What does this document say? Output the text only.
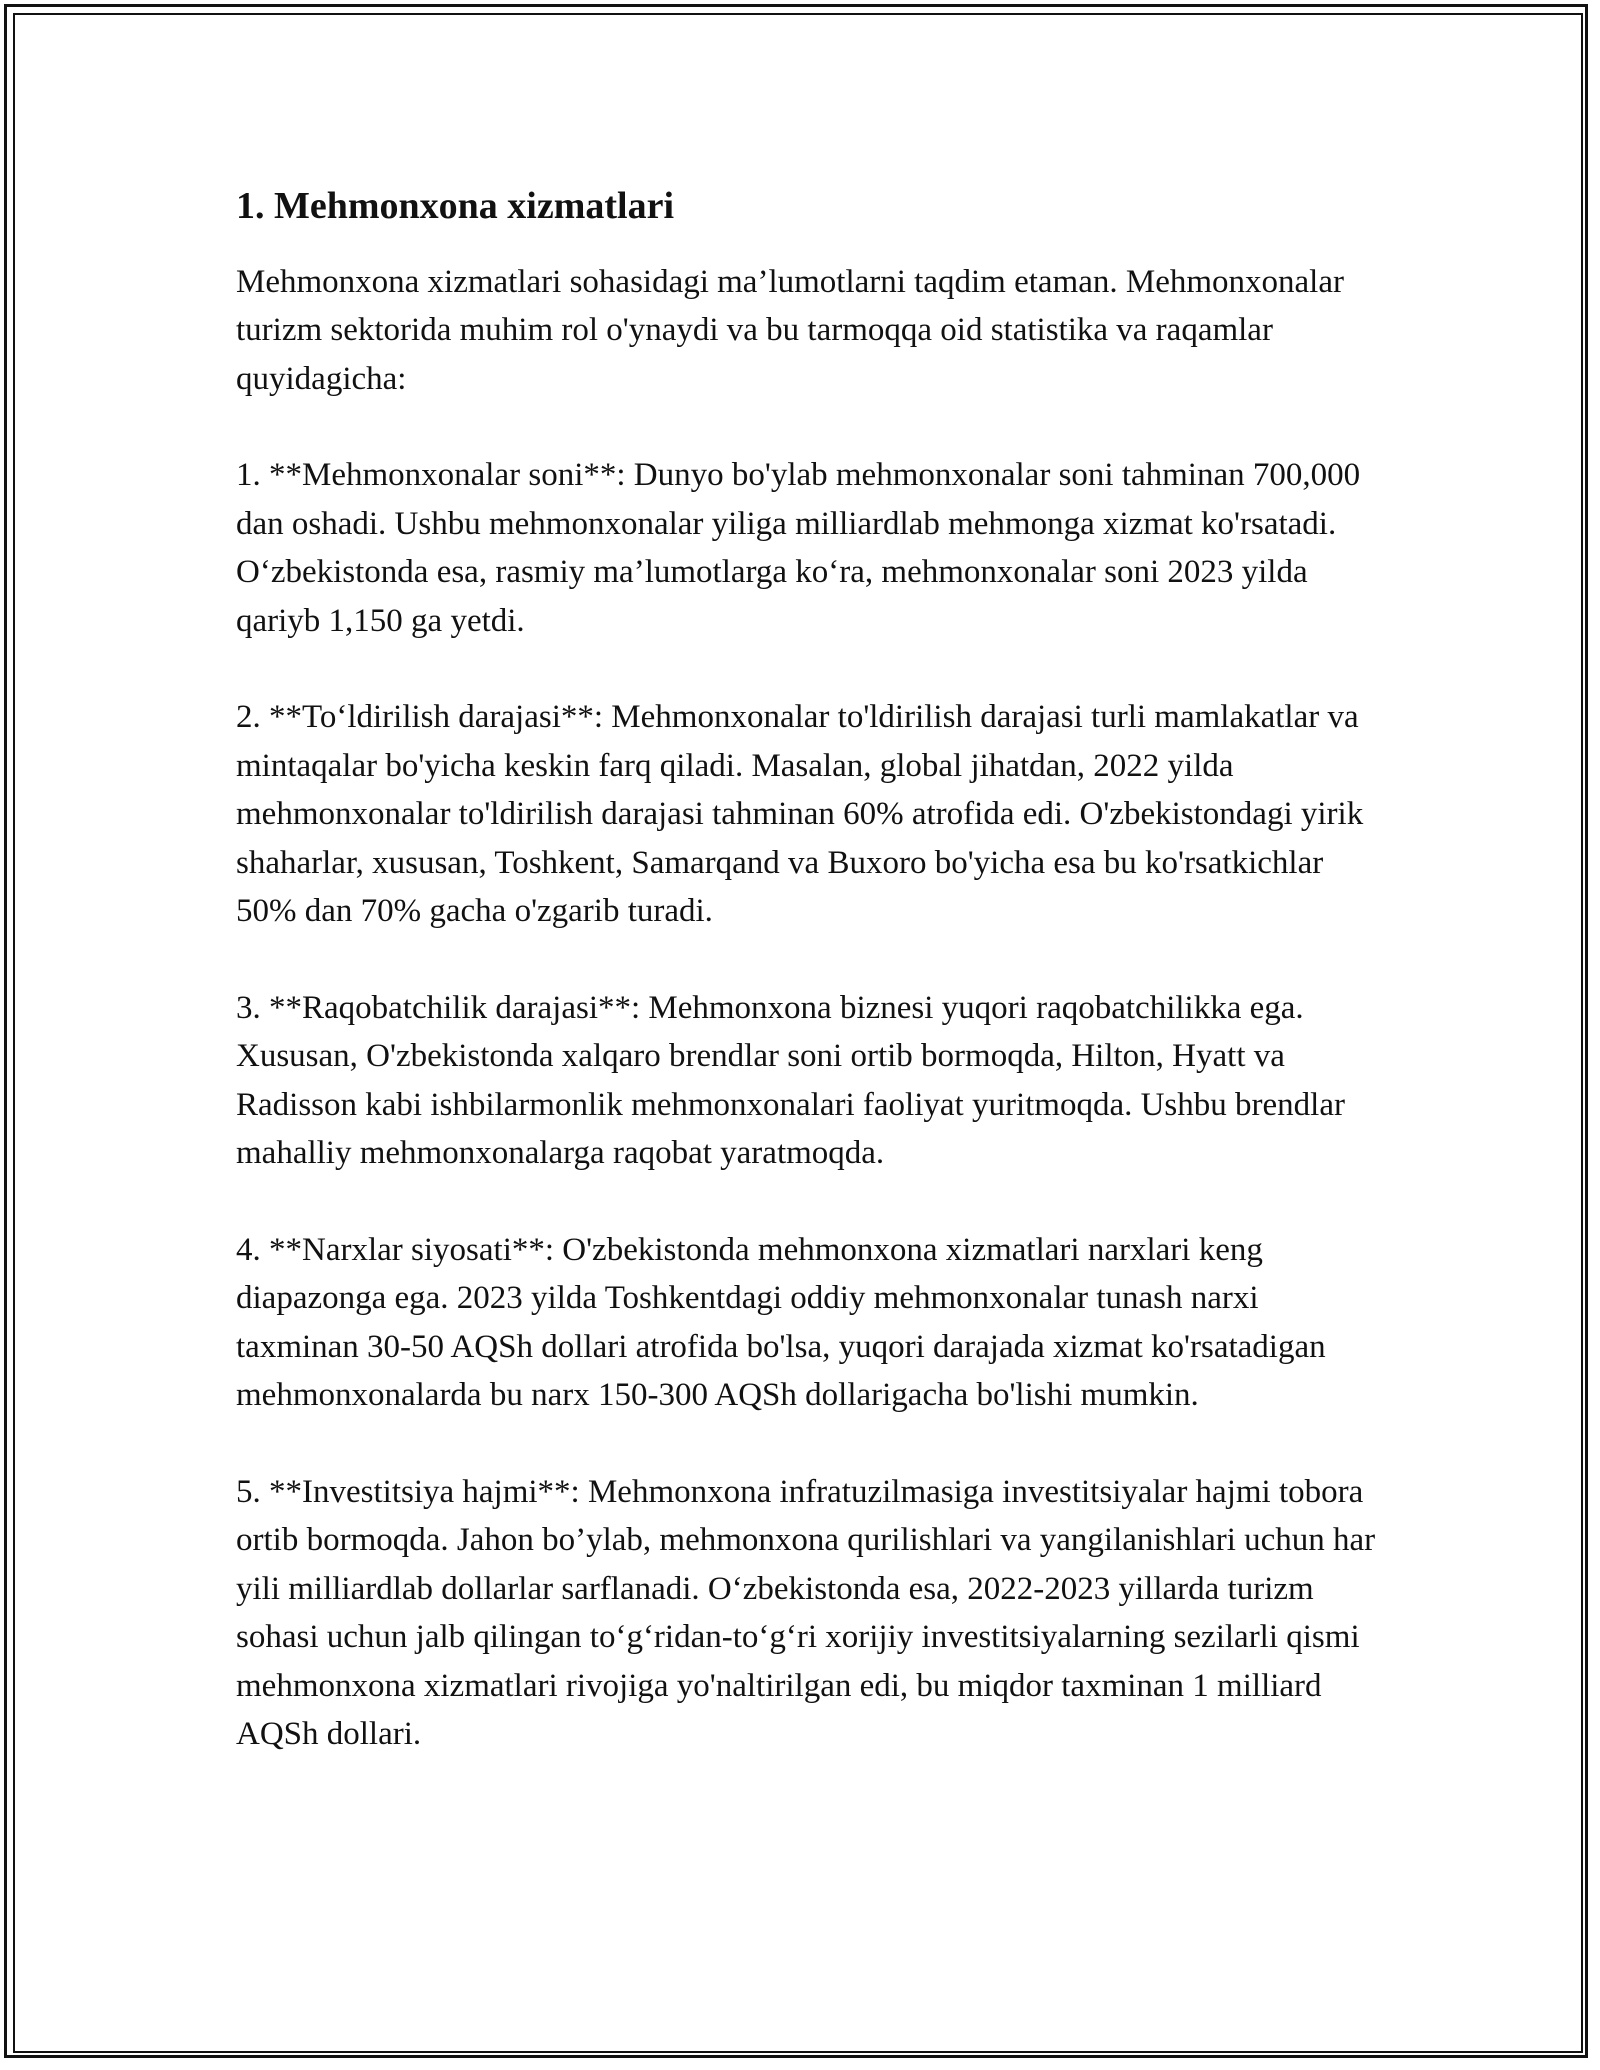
1. Mehmonxona xizmatlari

Mehmonxona xizmatlari sohasidagi ma’lumotlarni taqdim etaman. Mehmonxonalar turizm sektorida muhim rol o'ynaydi va bu tarmoqqa oid statistika va raqamlar quyidagicha:

1. **Mehmonxonalar soni**: Dunyo bo'ylab mehmonxonalar soni tahminan 700,000 dan oshadi. Ushbu mehmonxonalar yiliga milliardlab mehmonga xizmat ko'rsatadi. O‘zbekistonda esa, rasmiy ma’lumotlarga ko‘ra, mehmonxonalar soni 2023 yilda qariyb 1,150 ga yetdi.

2. **To‘ldirilish darajasi**: Mehmonxonalar to'ldirilish darajasi turli mamlakatlar va mintaqalar bo'yicha keskin farq qiladi. Masalan, global jihatdan, 2022 yilda mehmonxonalar to'ldirilish darajasi tahminan 60% atrofida edi. O'zbekistondagi yirik shaharlar, xususan, Toshkent, Samarqand va Buxoro bo'yicha esa bu ko'rsatkichlar 50% dan 70% gacha o'zgarib turadi.

3. **Raqobatchilik darajasi**: Mehmonxona biznesi yuqori raqobatchilikka ega. Xususan, O'zbekistonda xalqaro brendlar soni ortib bormoqda, Hilton, Hyatt va Radisson kabi ishbilarmonlik mehmonxonalari faoliyat yuritmoqda. Ushbu brendlar mahalliy mehmonxonalarga raqobat yaratmoqda.

4. **Narxlar siyosati**: O'zbekistonda mehmonxona xizmatlari narxlari keng diapazonga ega. 2023 yilda Toshkentdagi oddiy mehmonxonalar tunash narxi taxminan 30-50 AQSh dollari atrofida bo'lsa, yuqori darajada xizmat ko'rsatadigan mehmonxonalarda bu narx 150-300 AQSh dollarigacha bo'lishi mumkin.

5. **Investitsiya hajmi**: Mehmonxona infratuzilmasiga investitsiyalar hajmi tobora ortib bormoqda. Jahon bo’ylab, mehmonxona qurilishlari va yangilanishlari uchun har yili milliardlab dollarlar sarflanadi. O‘zbekistonda esa, 2022-2023 yillarda turizm sohasi uchun jalb qilingan to‘g‘ridan-to‘g‘ri xorijiy investitsiyalarning sezilarli qismi mehmonxona xizmatlari rivojiga yo'naltirilgan edi, bu miqdor taxminan 1 milliard AQSh dollari.
